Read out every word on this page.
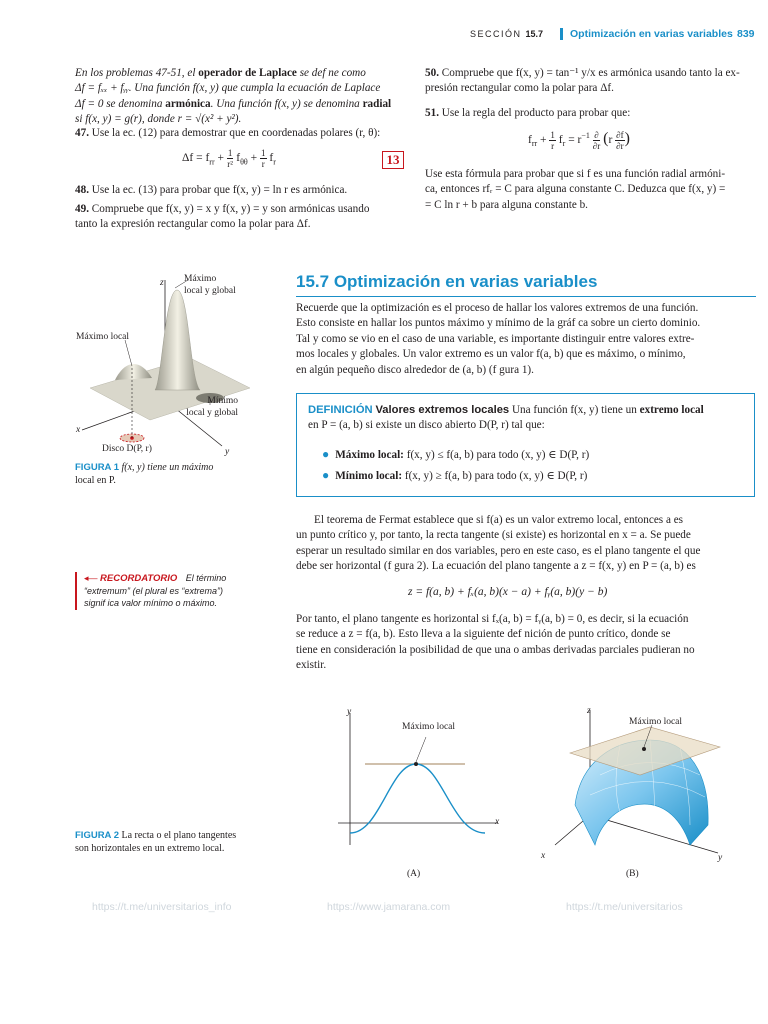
SECCIÓN 15.7	Optimización en varias variables 839
En los problemas 47-51, el operador de Laplace se def ne como
Δf = fₓₓ + fᵧᵧ. Una función f(x, y) que cumpla la ecuación de Laplace
Δf = 0 se denomina armónica. Una función f(x, y) se denomina radial
si f(x, y) = g(r), donde r = √(x² + y²).
47. Use la ec. (12) para demostrar que en coordenadas polares (r, θ):
$\Delta f = f_{rr} + \frac{1}{\text{r²}} f_{\theta\theta} + \frac{1}{r} f_r$	13
48. Use la ec. (13) para probar que f(x, y) = ln r es armónica.
49. Compruebe que f(x, y) = x y f(x, y) = y son armónicas usando
tanto la expresión rectangular como la polar para Δf.
50. Compruebe que f(x, y) = tan⁻¹ y/x es armónica usando tanto la ex-
presión rectangular como la polar para Δf.
51. Use la regla del producto para probar que:
$f_{rr} + \frac{1}{r} f_r = r^{-1} \frac{\partial}{\partial r} (r \frac{\partial f}{\partial r}$ )
Use esta fórmula para probar que si f es una función radial armóni-
ca, entonces rfᵣ = C para alguna constante C. Deduzca que f(x, y) =
= C ln r + b para alguna constante b.
Máximo
local y global
Máximo local
Mínimo
local y global
Disco D(P, r)
z
x
y
FIGURA 1 f(x, y) tiene un máximo
local en P.
15.7 Optimización en varias variables
Recuerde que la optimización es el proceso de hallar los valores extremos de una función.
Esto consiste en hallar los puntos máximo y mínimo de la gráf ca sobre un cierto dominio.
Tal y como se vio en el caso de una variable, es importante distinguir entre valores extre-
mos locales y globales. Un valor extremo es un valor f(a, b) que es máximo, o mínimo,
en algún pequeño disco alrededor de (a, b) (f gura 1).
DEFINICIÓN Valores extremos locales Una función f(x, y) tiene un extremo local
en P = (a, b) si existe un disco abierto D(P, r) tal que:
● Máximo local: f(x, y) ≤ f(a, b) para todo (x, y) ∈ D(P, r)
● Mínimo local: f(x, y) ≥ f(a, b) para todo (x, y) ∈ D(P, r)
◂— RECORDATORIO El término
“extremum” (el plural es “extrema”)
signif ica valor mínimo o máximo.
El teorema de Fermat establece que si f(a) es un valor extremo local, entonces a es
un punto crítico y, por tanto, la recta tangente (si existe) es horizontal en x = a. Se puede
esperar un resultado similar en dos variables, pero en este caso, es el plano tangente el que
debe ser horizontal (f gura 2). La ecuación del plano tangente a z = f(x, y) en P = (a, b) es
z = f(a, b) + fₓ(a, b)(x − a) + fᵧ(a, b)(y − b)
Por tanto, el plano tangente es horizontal si fₓ(a, b) = fᵧ(a, b) = 0, es decir, si la ecuación
se reduce a z = f(a, b). Esto lleva a la siguiente def nición de punto crítico, donde se
tiene en consideración la posibilidad de que una o ambas derivadas parciales pudieran no
existir.
FIGURA 2 La recta o el plano tangentes
son horizontales en un extremo local.
Máximo local
y
x
(A)
Máximo local
z
x	y
(B)
https://t.me/universitarios_info	https://www.jamarana.com	https://t.me/universitarios
